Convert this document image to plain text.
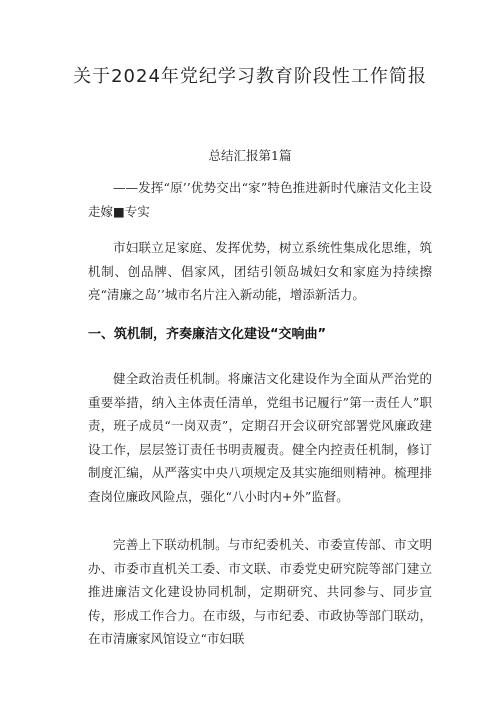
关于2024年党纪学习教育阶段性工作简报
总结汇报第1篇
——发挥“原’’优势交出“家”特色推进新时代廉洁文化主设走嫁■专实
市妇联立足家庭、发挥优势，树立系统性集成化思维，筑机制、创品牌、倡家风，团结引领岛城妇女和家庭为持续擦亮“清廉之岛’’城市名片注入新动能，增添新活力。
一、筑机制，齐奏廉洁文化建设“交响曲”
健全政治责任机制。将廉洁文化建设作为全面从严治党的重要举措，纳入主体责任清单，党组书记履行”第一责任人”职责，班子成员“一岗双责”，定期召开会议研究部署党风廉政建设工作，层层签订责任书明责履责。健全内控责任机制，修订制度汇编，从严落实中央八项规定及其实施细则精神。梳理排查岗位廉政风险点，强化“八小时内+外”监督。
完善上下联动机制。与市纪委机关、市委宣传部、市文明办、市委市直机关工委、市文联、市委党史研究院等部门建立推进廉洁文化建设协同机制，定期研究、共同参与、同步宣传，形成工作合力。在市级，与市纪委、市政协等部门联动，在市清廉家风馆设立“市妇联
